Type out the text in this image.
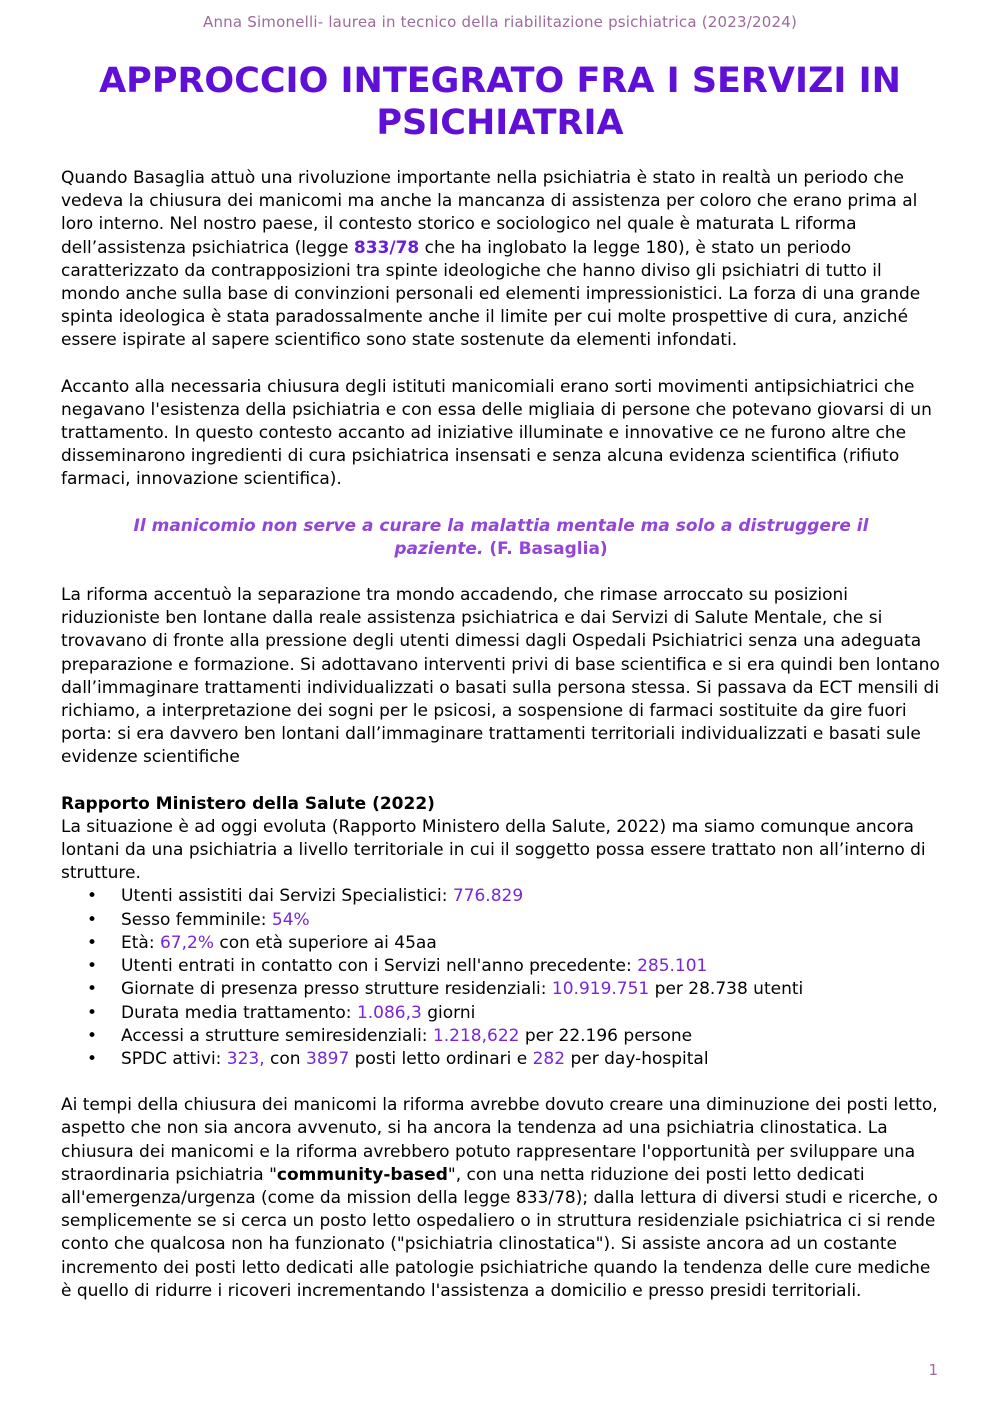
Anna Simonelli- laurea in tecnico della riabilitazione psichiatrica (2023/2024)
APPROCCIO INTEGRATO FRA I SERVIZI IN PSICHIATRIA

Quando Basaglia attuò una rivoluzione importante nella psichiatria è stato in realtà un periodo che vedeva la chiusura dei manicomi ma anche la mancanza di assistenza per coloro che erano prima al loro interno. Nel nostro paese, il contesto storico e sociologico nel quale è maturata L riforma dell’assistenza psichiatrica (legge 833/78 che ha inglobato la legge 180), è stato un periodo caratterizzato da contrapposizioni tra spinte ideologiche che hanno diviso gli psichiatri di tutto il mondo anche sulla base di convinzioni personali ed elementi impressionistici. La forza di una grande spinta ideologica è stata paradossalmente anche il limite per cui molte prospettive di cura, anziché essere ispirate al sapere scientifico sono state sostenute da elementi infondati.

Accanto alla necessaria chiusura degli istituti manicomiali erano sorti movimenti antipsichiatrici che negavano l'esistenza della psichiatria e con essa delle migliaia di persone che potevano giovarsi di un trattamento. In questo contesto accanto ad iniziative illuminate e innovative ce ne furono altre che disseminarono ingredienti di cura psichiatrica insensati e senza alcuna evidenza scientifica (rifiuto farmaci, innovazione scientifica).

Il manicomio non serve a curare la malattia mentale ma solo a distruggere il paziente. (F. Basaglia)

La riforma accentuò la separazione tra mondo accadendo, che rimase arroccato su posizioni riduzioniste ben lontane dalla reale assistenza psichiatrica e dai Servizi di Salute Mentale, che si trovavano di fronte alla pressione degli utenti dimessi dagli Ospedali Psichiatrici senza una adeguata preparazione e formazione. Si adottavano interventi privi di base scientifica e si era quindi ben lontano dall’immaginare trattamenti individualizzati o basati sulla persona stessa. Si passava da ECT mensili di richiamo, a interpretazione dei sogni per le psicosi, a sospensione di farmaci sostituite da gire fuori porta: si era davvero ben lontani dall’immaginare trattamenti territoriali individualizzati e basati sule evidenze scientifiche

Rapporto Ministero della Salute (2022)

La situazione è ad oggi evoluta (Rapporto Ministero della Salute, 2022) ma siamo comunque ancora lontani da una psichiatria a livello territoriale in cui il soggetto possa essere trattato non all’interno di strutture.

• Utenti assistiti dai Servizi Specialistici: 776.829
• Sesso femminile: 54%
• Età: 67,2% con età superiore ai 45aa
• Utenti entrati in contatto con i Servizi nell'anno precedente: 285.101
• Giornate di presenza presso strutture residenziali: 10.919.751 per 28.738 utenti
• Durata media trattamento: 1.086,3 giorni
• Accessi a strutture semiresidenziali: 1.218,622 per 22.196 persone
• SPDC attivi: 323, con 3897 posti letto ordinari e 282 per day-hospital

Ai tempi della chiusura dei manicomi la riforma avrebbe dovuto creare una diminuzione dei posti letto, aspetto che non sia ancora avvenuto, si ha ancora la tendenza ad una psichiatria clinostatica. La chiusura dei manicomi e la riforma avrebbero potuto rappresentare l'opportunità per sviluppare una straordinaria psichiatria "community-based", con una netta riduzione dei posti letto dedicati all'emergenza/urgenza (come da mission della legge 833/78); dalla lettura di diversi studi e ricerche, o semplicemente se si cerca un posto letto ospedaliero o in struttura residenziale psichiatrica ci si rende conto che qualcosa non ha funzionato ("psichiatria clinostatica"). Si assiste ancora ad un costante incremento dei posti letto dedicati alle patologie psichiatriche quando la tendenza delle cure mediche è quello di ridurre i ricoveri incrementando l'assistenza a domicilio e presso presidi territoriali.

1
